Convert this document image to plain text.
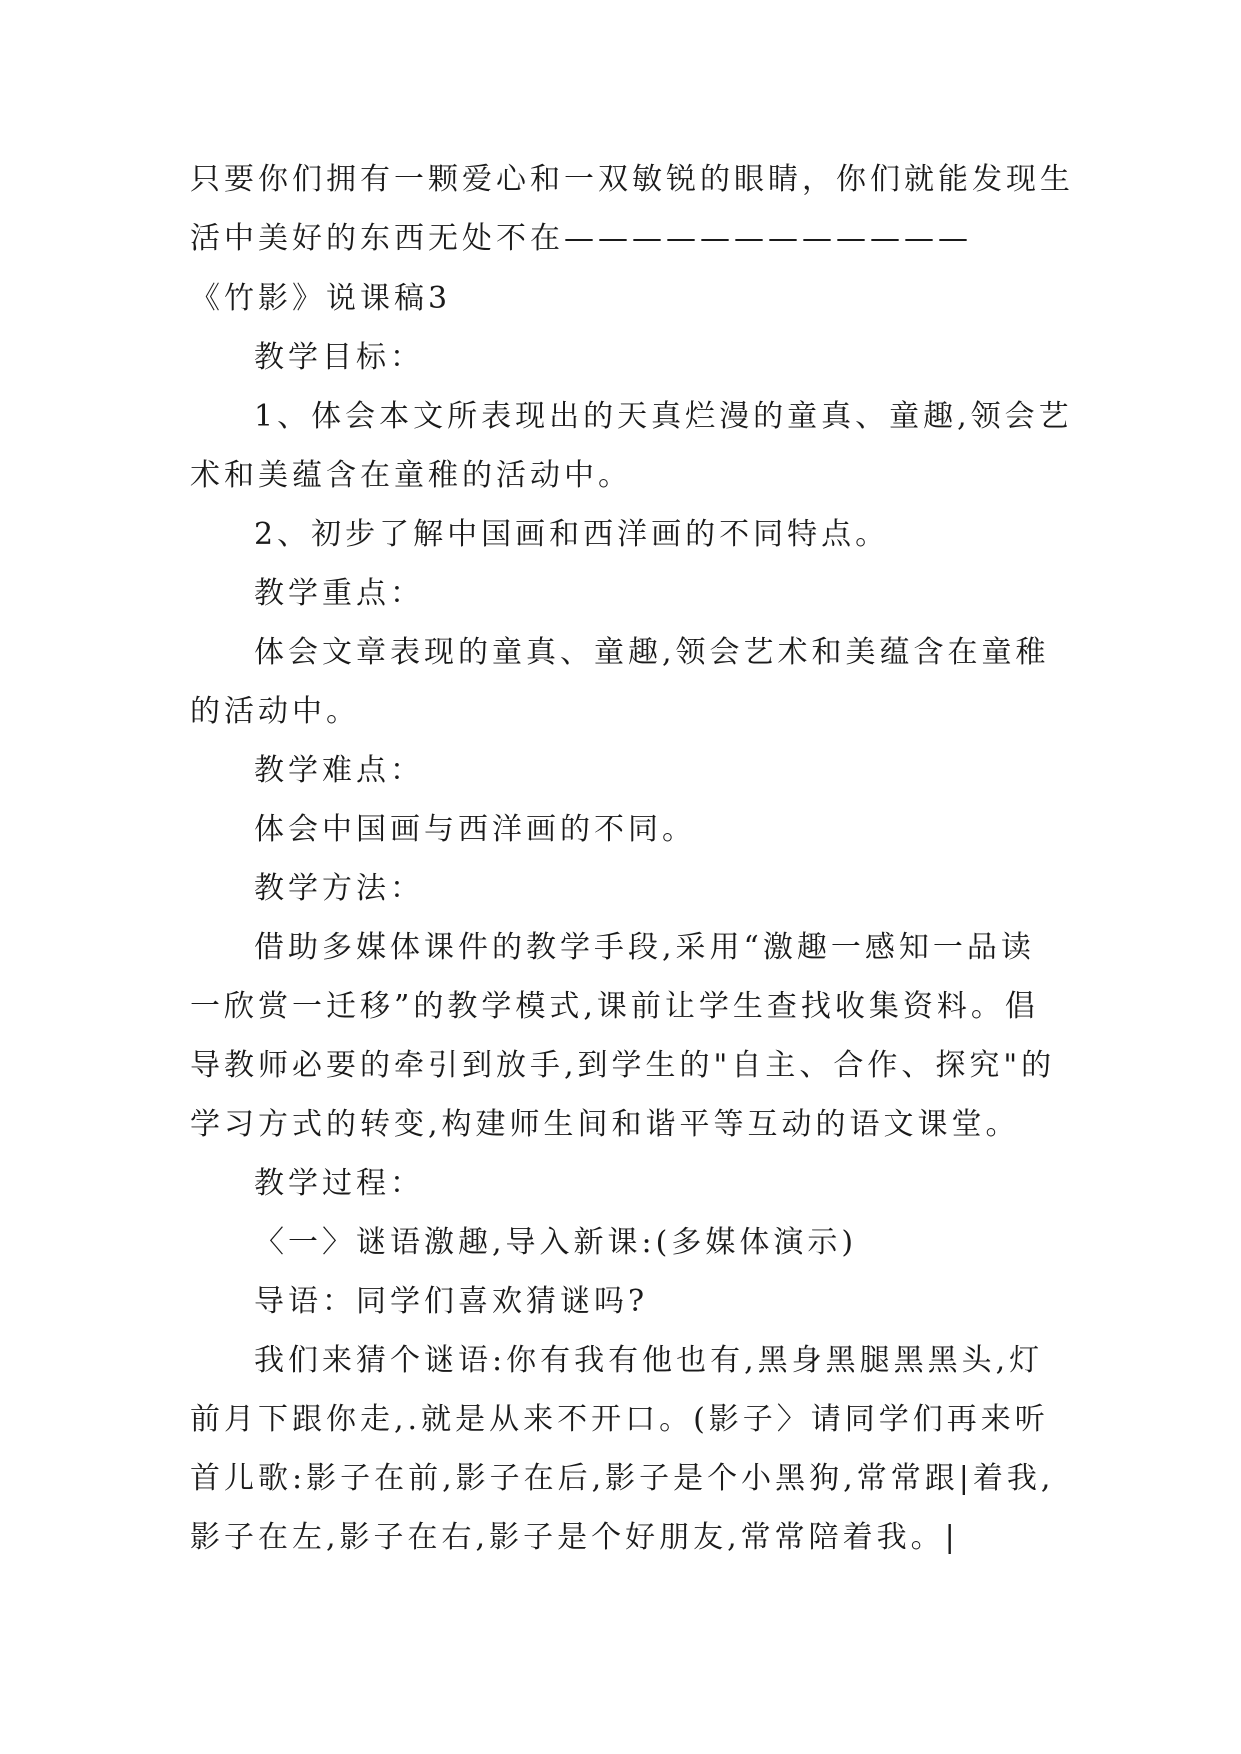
只要你们拥有一颗爱心和一双敏锐的眼睛，你们就能发现生
活中美好的东西无处不在————————————
《竹影》说课稿3
教学目标：
1、体会本文所表现出的天真烂漫的童真、童趣,领会艺
术和美蕴含在童稚的活动中。
2、初步了解中国画和西洋画的不同特点。
教学重点：
体会文章表现的童真、童趣,领会艺术和美蕴含在童稚
的活动中。
教学难点：
体会中国画与西洋画的不同。
教学方法：
借助多媒体课件的教学手段,采用“激趣一感知一品读
一欣赏一迁移”的教学模式,课前让学生查找收集资料。倡
导教师必要的牵引到放手,到学生的"自主、合作、探究"的
学习方式的转变,构建师生间和谐平等互动的语文课堂。
教学过程：
〈一〉谜语激趣,导入新课:(多媒体演示)
导语：同学们喜欢猜谜吗?
我们来猜个谜语:你有我有他也有,黑身黑腿黑黑头,灯
前月下跟你走,.就是从来不开口。(影子〉请同学们再来听
首儿歌:影子在前,影子在后,影子是个小黑狗,常常跟|着我,
影子在左,影子在右,影子是个好朋友,常常陪着我。|
